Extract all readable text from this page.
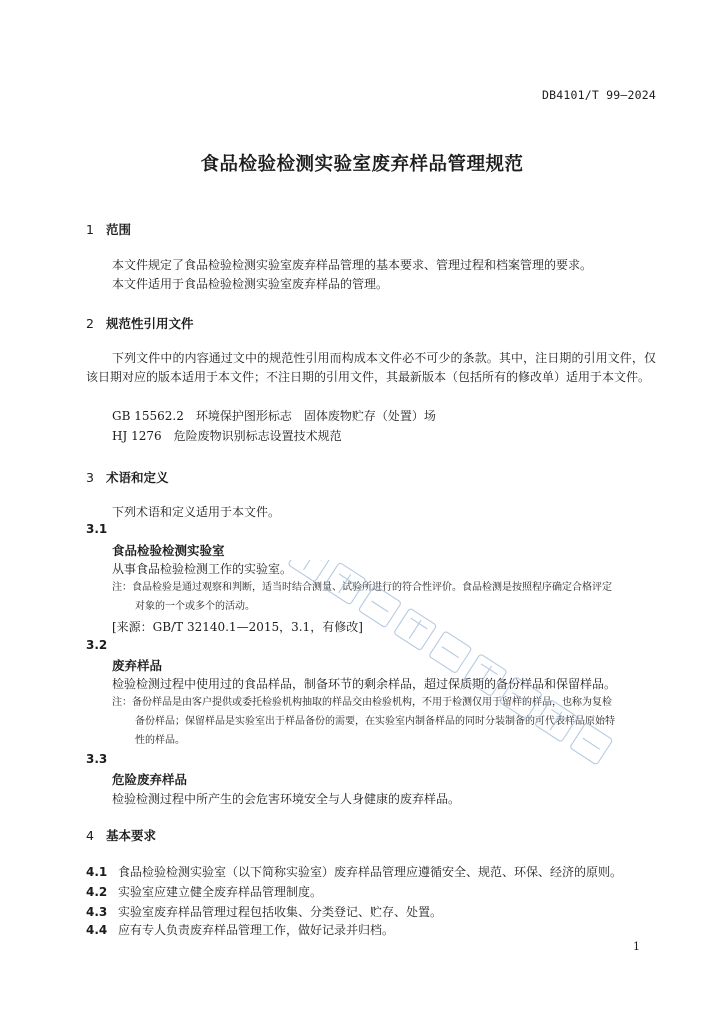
DB4101/T 99—2024
食品检验检测实验室废弃样品管理规范
1 范围
本文件规定了食品检验检测实验室废弃样品管理的基本要求、管理过程和档案管理的要求。
本文件适用于食品检验检测实验室废弃样品的管理。
2 规范性引用文件
下列文件中的内容通过文中的规范性引用而构成本文件必不可少的条款。其中，注日期的引用文件，仅该日期对应的版本适用于本文件；不注日期的引用文件，其最新版本（包括所有的修改单）适用于本文件。
GB 15562.2　环境保护图形标志　固体废物贮存（处置）场
HJ 1276　危险废物识别标志设置技术规范
3 术语和定义
下列术语和定义适用于本文件。
3.1
食品检验检测实验室
从事食品检验检测工作的实验室。
注：食品检验是通过观察和判断，适当时结合测量、试验所进行的符合性评价。食品检测是按照程序确定合格评定
对象的一个或多个的活动。
[来源：GB/T 32140.1—2015，3.1，有修改]
3.2
废弃样品
检验检测过程中使用过的食品样品，制备环节的剩余样品，超过保质期的备份样品和保留样品。
注：备份样品是由客户提供或委托检验机构抽取的样品交由检验机构，不用于检测仅用于留样的样品，也称为复检
备份样品；保留样品是实验室出于样品备份的需要，在实验室内制备样品的同时分装制备的可代表样品原始特
性的样品。
3.3
危险废弃样品
检验检测过程中所产生的会危害环境安全与人身健康的废弃样品。
4 基本要求
4.1 食品检验检测实验室（以下简称实验室）废弃样品管理应遵循安全、规范、环保、经济的原则。
4.2 实验室应建立健全废弃样品管理制度。
4.3 实验室废弃样品管理过程包括收集、分类登记、贮存、处置。
4.4 应有专人负责废弃样品管理工作，做好记录并归档。
1
